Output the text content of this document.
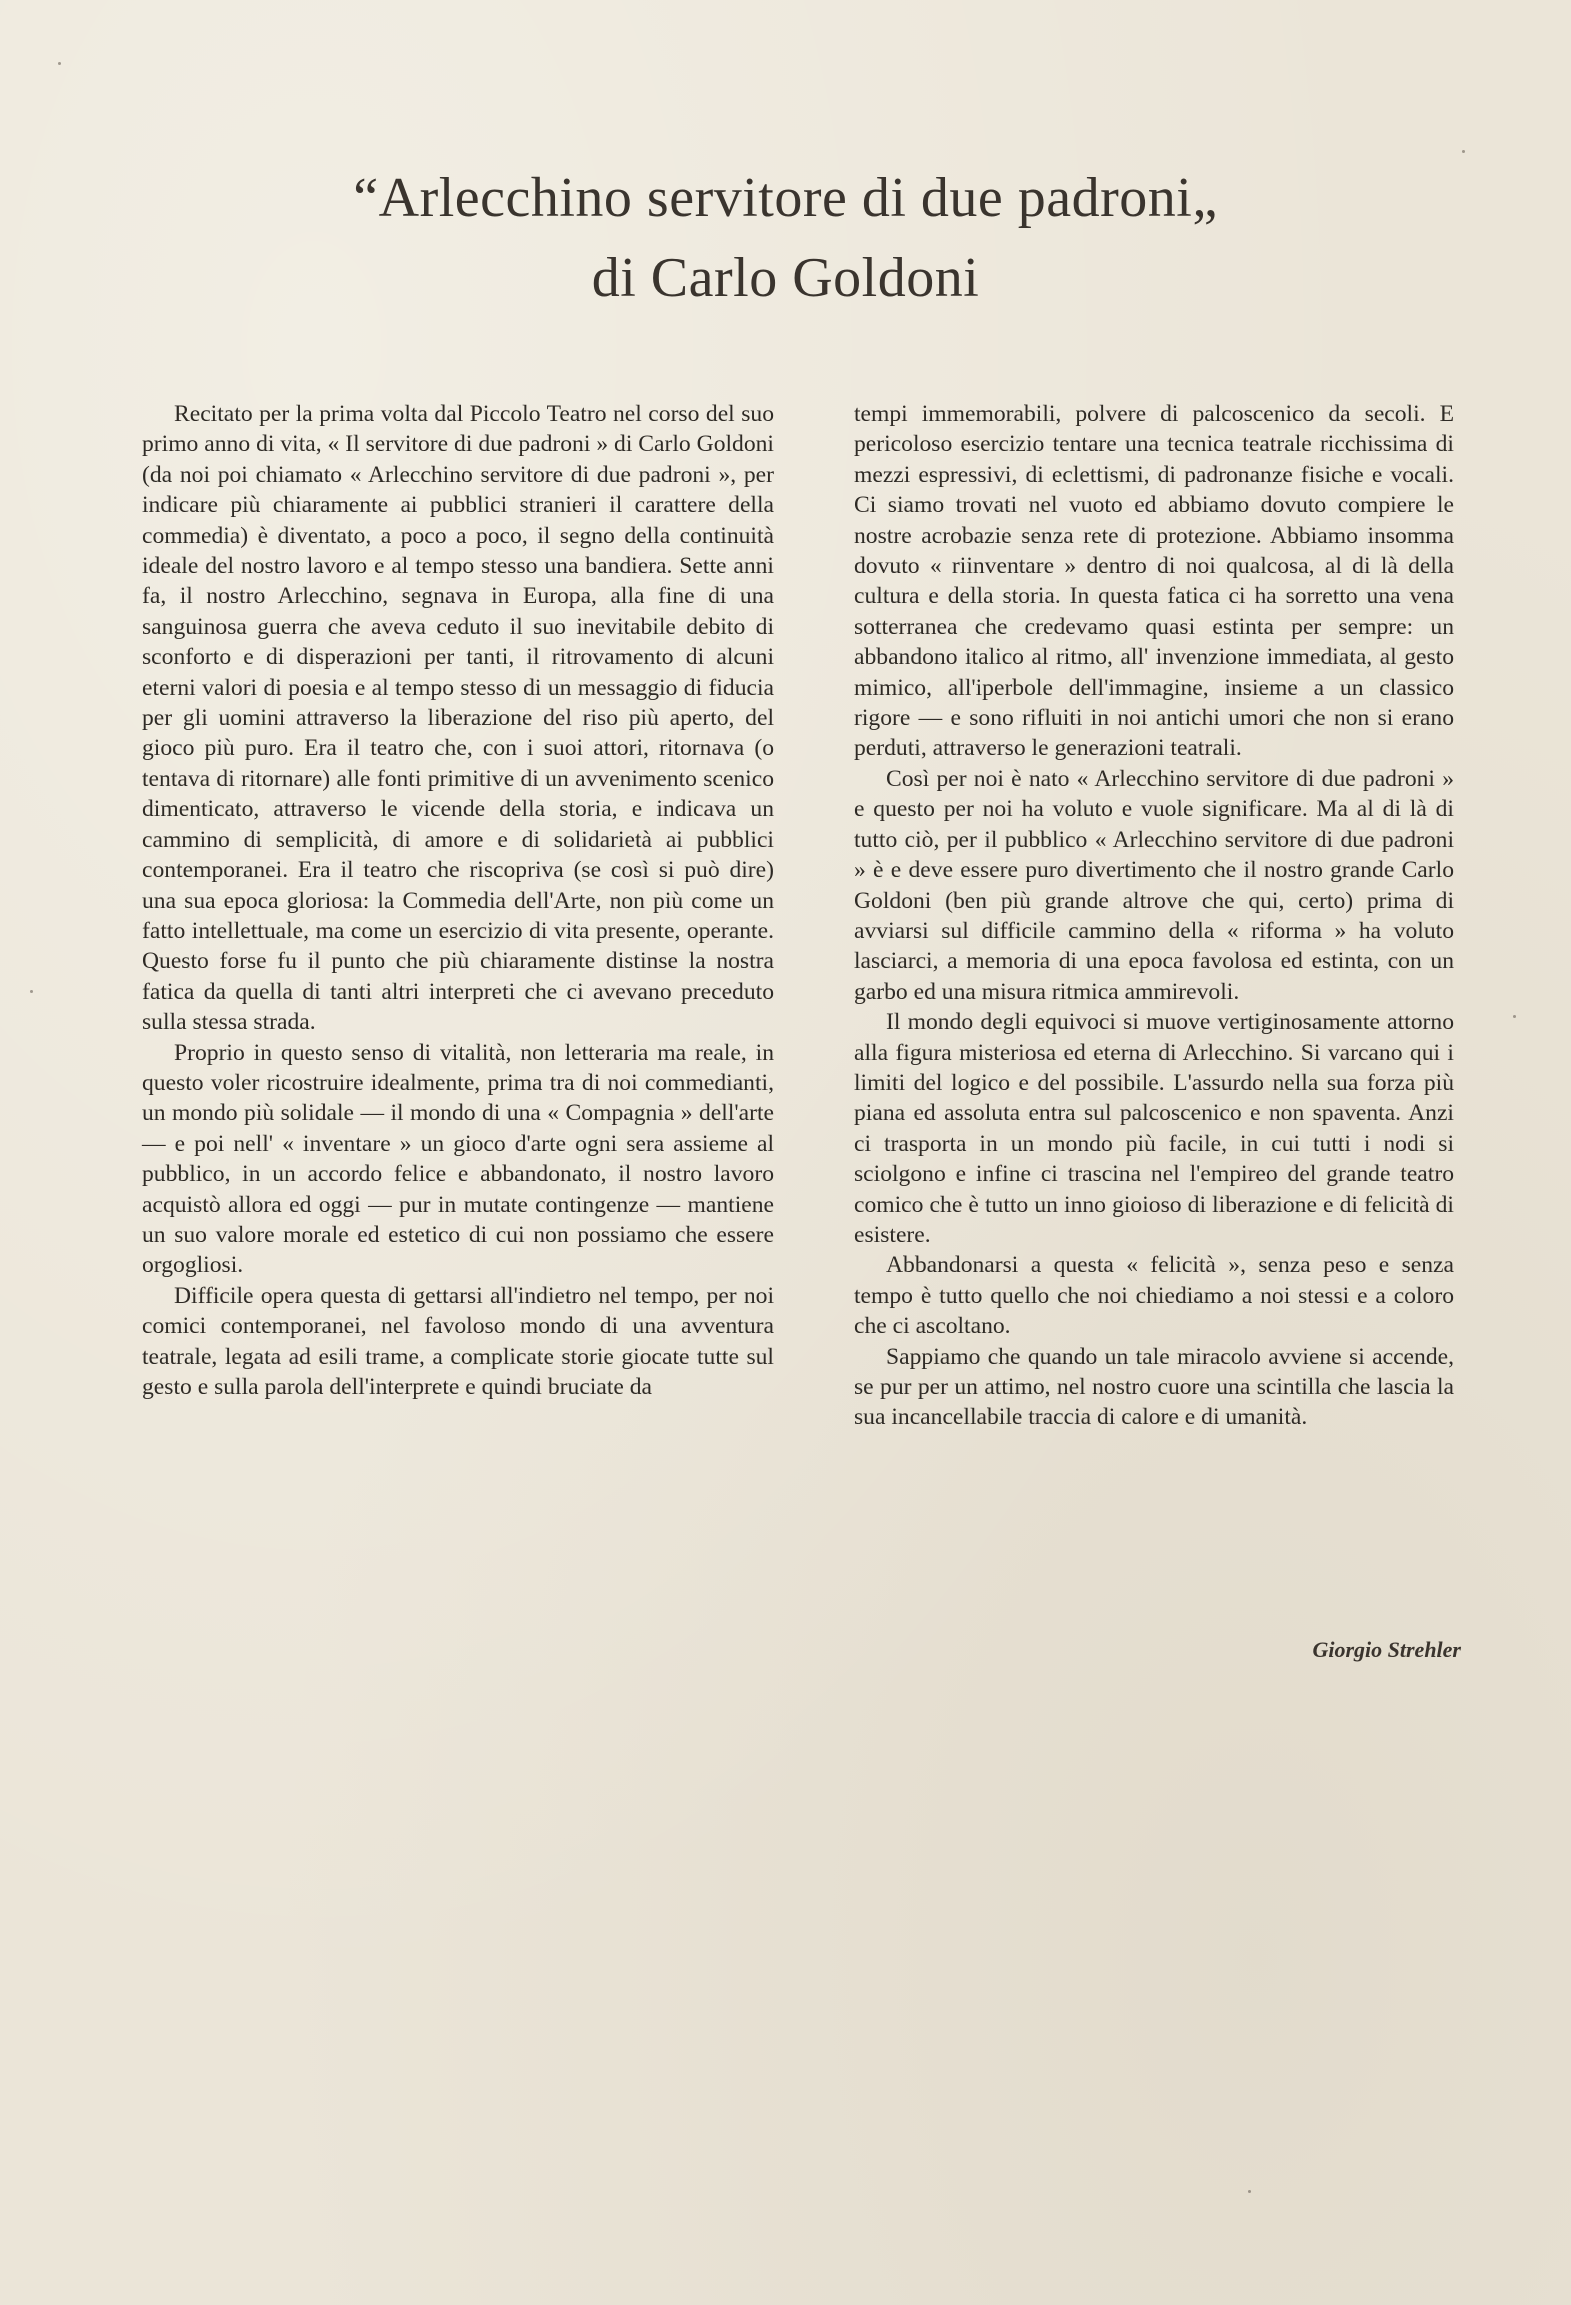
“Arlecchino servitore di due padroni„
di Carlo Goldoni

Recitato per la prima volta dal Piccolo Teatro nel corso del suo primo anno di vita, « Il servitore di due padroni » di Carlo Goldoni (da noi poi chiamato « Arlecchino servitore di due padroni », per indicare più chiaramente ai pubblici stranieri il carattere della commedia) è diventato, a poco a poco, il segno della continuità ideale del nostro lavoro e al tempo stesso una bandiera. Sette anni fa, il nostro Arlecchino, segnava in Europa, alla fine di una sanguinosa guerra che aveva ceduto il suo inevitabile debito di sconforto e di disperazioni per tanti, il ritrovamento di alcuni eterni valori di poesia e al tempo stesso di un messaggio di fiducia per gli uomini attraverso la liberazione del riso più aperto, del gioco più puro. Era il teatro che, con i suoi attori, ritornava (o tentava di ritornare) alle fonti primitive di un avvenimento scenico dimenticato, attraverso le vicende della storia, e indicava un cammino di semplicità, di amore e di solidarietà ai pubblici contemporanei. Era il teatro che riscopriva (se così si può dire) una sua epoca gloriosa: la Commedia dell'Arte, non più come un fatto intellettuale, ma come un esercizio di vita presente, operante. Questo forse fu il punto che più chiaramente distinse la nostra fatica da quella di tanti altri interpreti che ci avevano preceduto sulla stessa strada.

Proprio in questo senso di vitalità, non letteraria ma reale, in questo voler ricostruire idealmente, prima tra di noi commedianti, un mondo più solidale — il mondo di una « Compagnia » dell'arte — e poi nell' « inventare » un gioco d'arte ogni sera assieme al pubblico, in un accordo felice e abbandonato, il nostro lavoro acquistò allora ed oggi — pur in mutate contingenze — mantiene un suo valore morale ed estetico di cui non possiamo che essere orgogliosi.

Difficile opera questa di gettarsi all'indietro nel tempo, per noi comici contemporanei, nel favoloso mondo di una avventura teatrale, legata ad esili trame, a complicate storie giocate tutte sul gesto e sulla parola dell'interprete e quindi bruciate da

tempi immemorabili, polvere di palcoscenico da secoli. E pericoloso esercizio tentare una tecnica teatrale ricchissima di mezzi espressivi, di eclettismi, di padronanze fisiche e vocali. Ci siamo trovati nel vuoto ed abbiamo dovuto compiere le nostre acrobazie senza rete di protezione. Abbiamo insomma dovuto « riinventare » dentro di noi qualcosa, al di là della cultura e della storia. In questa fatica ci ha sorretto una vena sotterranea che credevamo quasi estinta per sempre: un abbandono italico al ritmo, all' invenzione immediata, al gesto mimico, all'iperbole dell'immagine, insieme a un classico rigore — e sono rifluiti in noi antichi umori che non si erano perduti, attraverso le generazioni teatrali.

Così per noi è nato « Arlecchino servitore di due padroni » e questo per noi ha voluto e vuole significare. Ma al di là di tutto ciò, per il pubblico « Arlecchino servitore di due padroni » è e deve essere puro divertimento che il nostro grande Carlo Goldoni (ben più grande altrove che qui, certo) prima di avviarsi sul difficile cammino della « riforma » ha voluto lasciarci, a memoria di una epoca favolosa ed estinta, con un garbo ed una misura ritmica ammirevoli.

Il mondo degli equivoci si muove vertiginosamente attorno alla figura misteriosa ed eterna di Arlecchino. Si varcano qui i limiti del logico e del possibile. L'assurdo nella sua forza più piana ed assoluta entra sul palcoscenico e non spaventa. Anzi ci trasporta in un mondo più facile, in cui tutti i nodi si sciolgono e infine ci trascina nel l'empireo del grande teatro comico che è tutto un inno gioioso di liberazione e di felicità di esistere.

Abbandonarsi a questa « felicità », senza peso e senza tempo è tutto quello che noi chiediamo a noi stessi e a coloro che ci ascoltano.

Sappiamo che quando un tale miracolo avviene si accende, se pur per un attimo, nel nostro cuore una scintilla che lascia la sua incancellabile traccia di calore e di umanità.

Giorgio Strehler
